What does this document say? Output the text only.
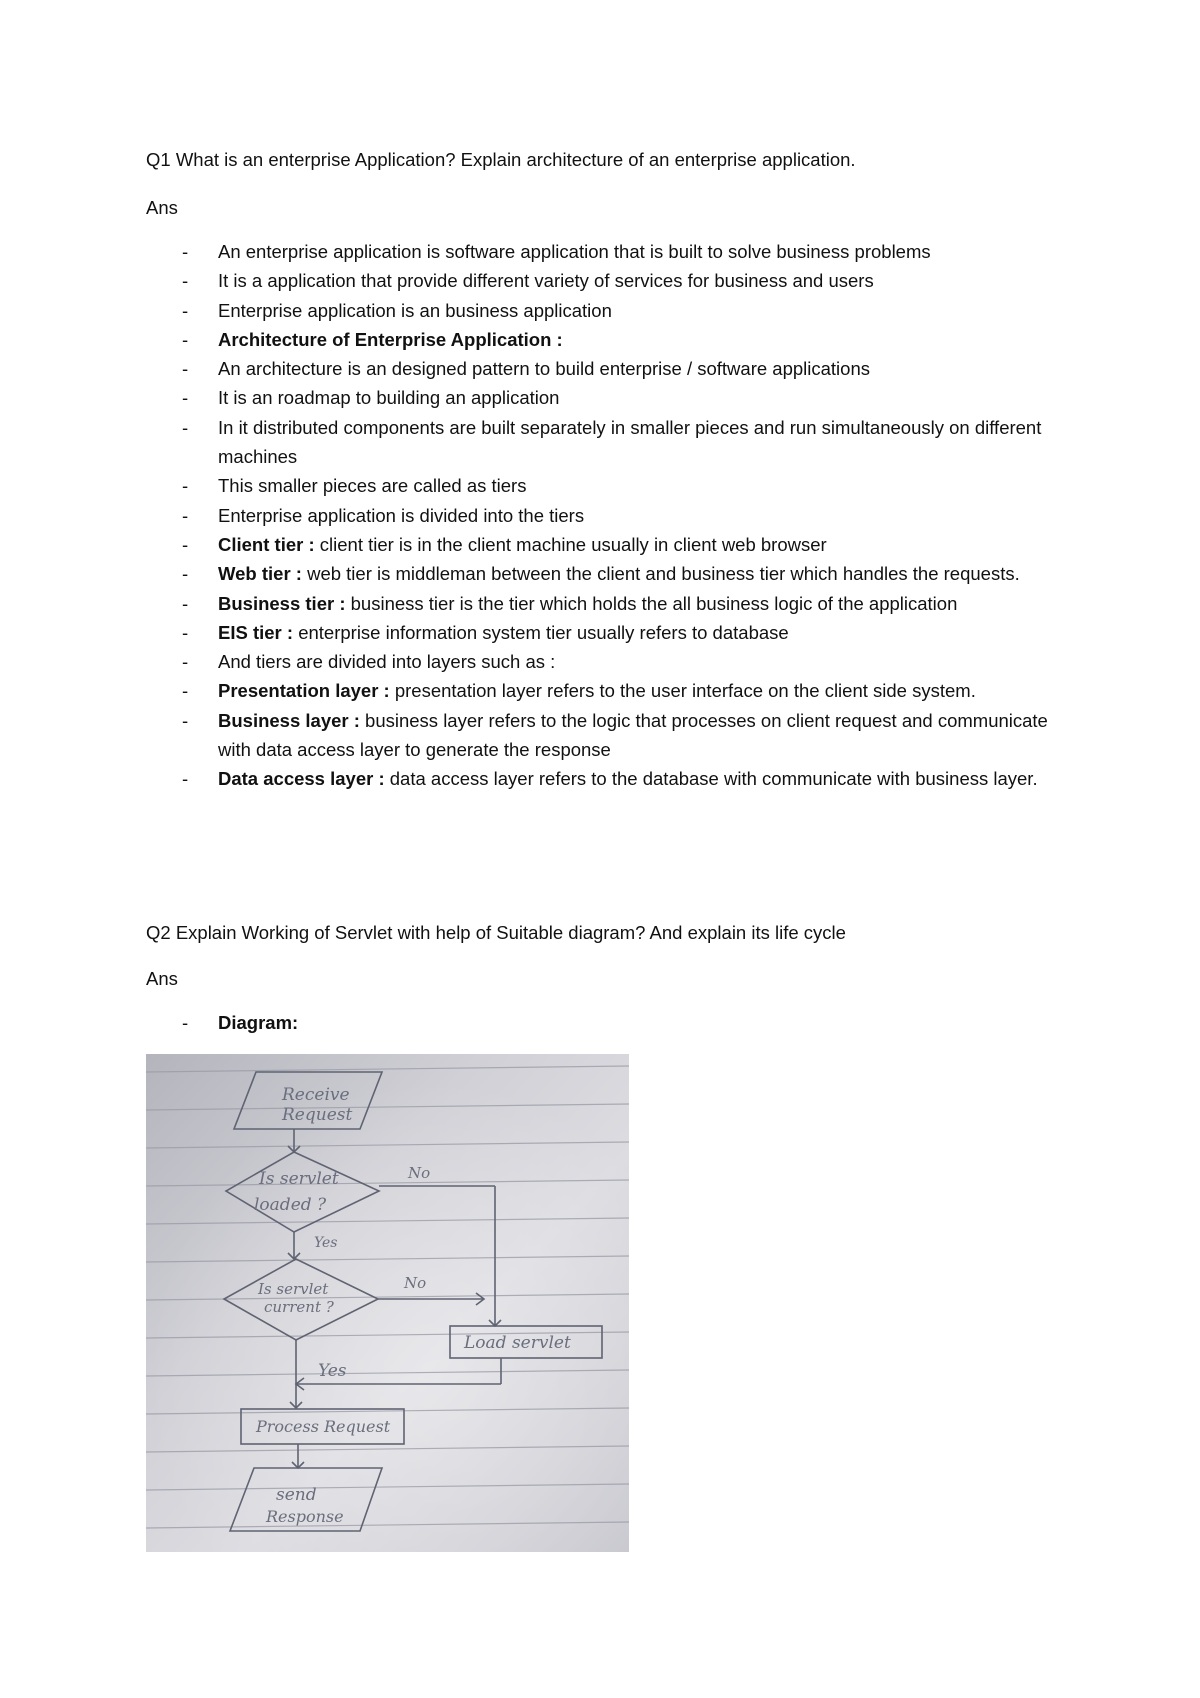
Q1 What is an enterprise Application? Explain architecture of an enterprise application.
Ans
- An enterprise application is software application that is built to solve business problems
- It is a application that provide different variety of services for business and users
- Enterprise application is an business application
- Architecture of Enterprise Application :
- An architecture is an designed pattern to build enterprise / software applications
- It is an roadmap to building an application
- In it distributed components are built separately in smaller pieces and run simultaneously on different machines
- This smaller pieces are called as tiers
- Enterprise application is divided into the tiers
- Client tier : client tier is in the client machine usually in client web browser
- Web tier : web tier is middleman between the client and business tier which handles the requests.
- Business tier : business tier is the tier which holds the all business logic of the application
- EIS tier : enterprise information system tier usually refers to database
- And tiers are divided into layers such as :
- Presentation layer : presentation layer refers to the user interface on the client side system.
- Business layer : business layer refers to the logic that processes on client request and communicate with data access layer to generate the response
- Data access layer : data access layer refers to the database with communicate with business layer.
Q2 Explain Working of Servlet with help of Suitable diagram? And explain its life cycle
Ans
- Diagram:
Receive
Request
Is servlet
loaded ?
No
Yes
Is servlet
current ?
No
Load servlet
Yes
Process Request
send
Response
